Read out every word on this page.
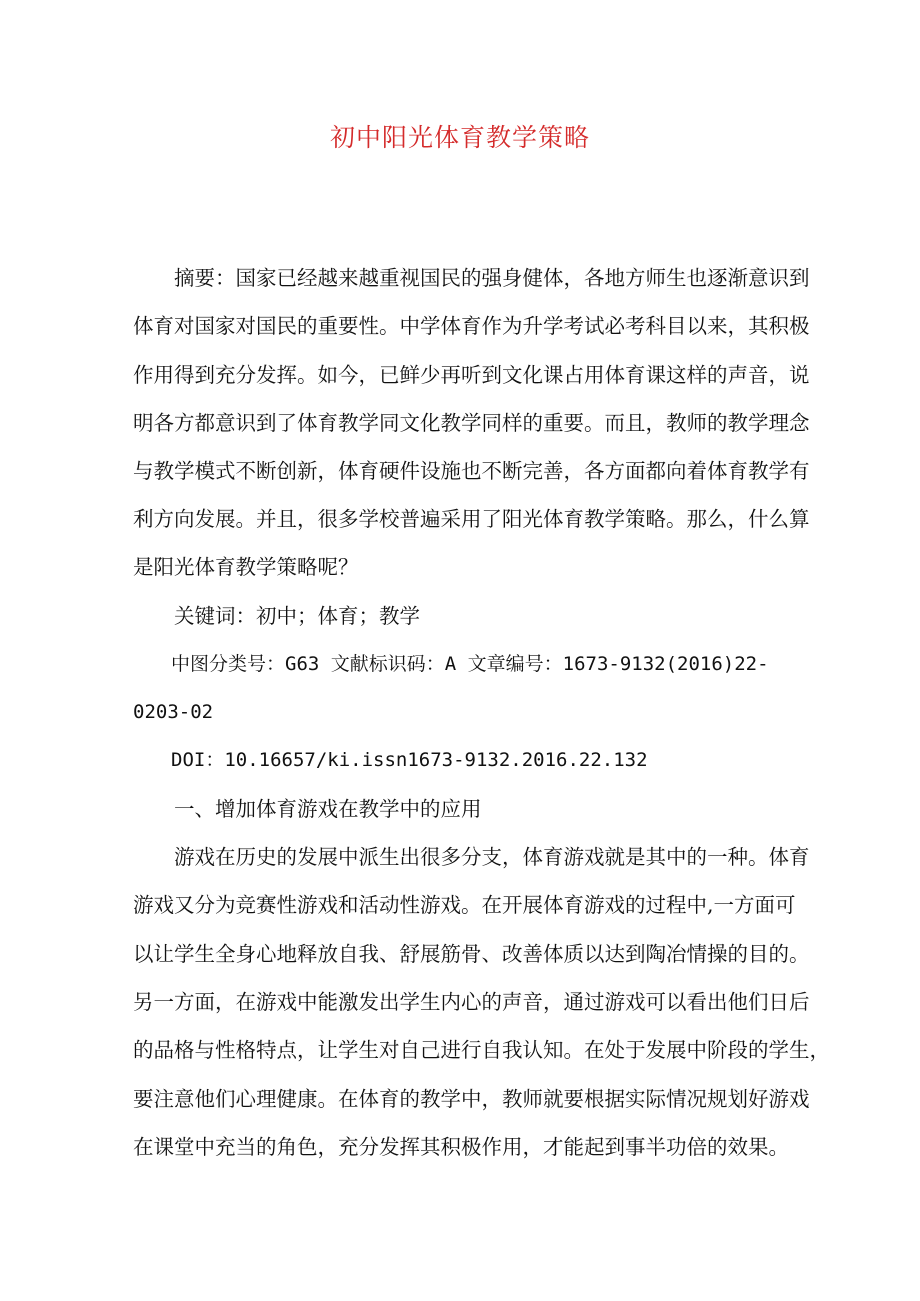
初中阳光体育教学策略
　　摘要：国家已经越来越重视国民的强身健体，各地方师生也逐渐意识到
体育对国家对国民的重要性。中学体育作为升学考试必考科目以来，其积极
作用得到充分发挥。如今，已鲜少再听到文化课占用体育课这样的声音，说
明各方都意识到了体育教学同文化教学同样的重要。而且，教师的教学理念
与教学模式不断创新，体育硬件设施也不断完善，各方面都向着体育教学有
利方向发展。并且，很多学校普遍采用了阳光体育教学策略。那么，什么算
是阳光体育教学策略呢？
　　关键词：初中；体育；教学
　　中图分类号：G63 文献标识码：A 文章编号：1673-9132(2016)22-
0203-02
　　DOI：10.16657/ki.issn1673-9132.2016.22.132
　　一、增加体育游戏在教学中的应用
　　游戏在历史的发展中派生出很多分支，体育游戏就是其中的一种。体育
游戏又分为竞赛性游戏和活动性游戏。在开展体育游戏的过程中,一方面可
以让学生全身心地释放自我、舒展筋骨、改善体质以达到陶冶情操的目的。
另一方面，在游戏中能激发出学生内心的声音，通过游戏可以看出他们日后
的品格与性格特点，让学生对自己进行自我认知。在处于发展中阶段的学生，
要注意他们心理健康。在体育的教学中，教师就要根据实际情况规划好游戏
在课堂中充当的角色，充分发挥其积极作用，才能起到事半功倍的效果。
